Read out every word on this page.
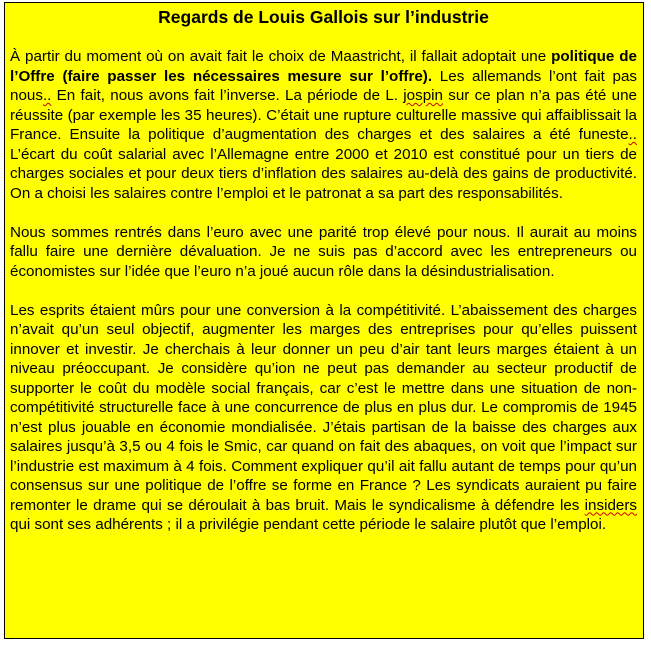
Regards de Louis Gallois sur l’industrie

À partir du moment où on avait fait le choix de Maastricht, il fallait adoptait une politique de l’Offre (faire passer les nécessaires mesure sur l’offre). Les allemands l’ont fait pas nous.. En fait, nous avons fait l’inverse. La période de L. jospin sur ce plan n’a pas été une réussite (par exemple les 35 heures). C’était une rupture culturelle massive qui affaiblissait la France. Ensuite la politique d’augmentation des charges et des salaires a été funeste.. L’écart du coût salarial avec l’Allemagne entre 2000 et 2010 est constitué pour un tiers de charges sociales et pour deux tiers d’inflation des salaires au-delà des gains de productivité. On a choisi les salaires contre l’emploi et le patronat a sa part des responsabilités.

Nous sommes rentrés dans l’euro avec une parité trop élevé pour nous. Il aurait au moins fallu faire une dernière dévaluation. Je ne suis pas d’accord avec les entrepreneurs ou économistes sur l’idée que l’euro n’a joué aucun rôle dans la désindustrialisation.

Les esprits étaient mûrs pour une conversion à la compétitivité. L’abaissement des charges n’avait qu’un seul objectif, augmenter les marges des entreprises pour qu’elles puissent innover et investir. Je cherchais à leur donner un peu d’air tant leurs marges étaient à un niveau préoccupant. Je considère qu’ion ne peut pas demander au secteur productif de supporter le coût du modèle social français, car c’est le mettre dans une situation de non-compétitivité structurelle face à une concurrence de plus en plus dur. Le compromis de 1945 n’est plus jouable en économie mondialisée. J’étais partisan de la baisse des charges aux salaires jusqu’à 3,5 ou 4 fois le Smic, car quand on fait des abaques, on voit que l’impact sur l’industrie est maximum à 4 fois. Comment expliquer qu’il ait fallu autant de temps pour qu’un consensus sur une politique de l’offre se forme en France ? Les syndicats auraient pu faire remonter le drame qui se déroulait à bas bruit. Mais le syndicalisme à défendre les insiders qui sont ses adhérents ; il a privilégie pendant cette période le salaire plutôt que l’emploi.
